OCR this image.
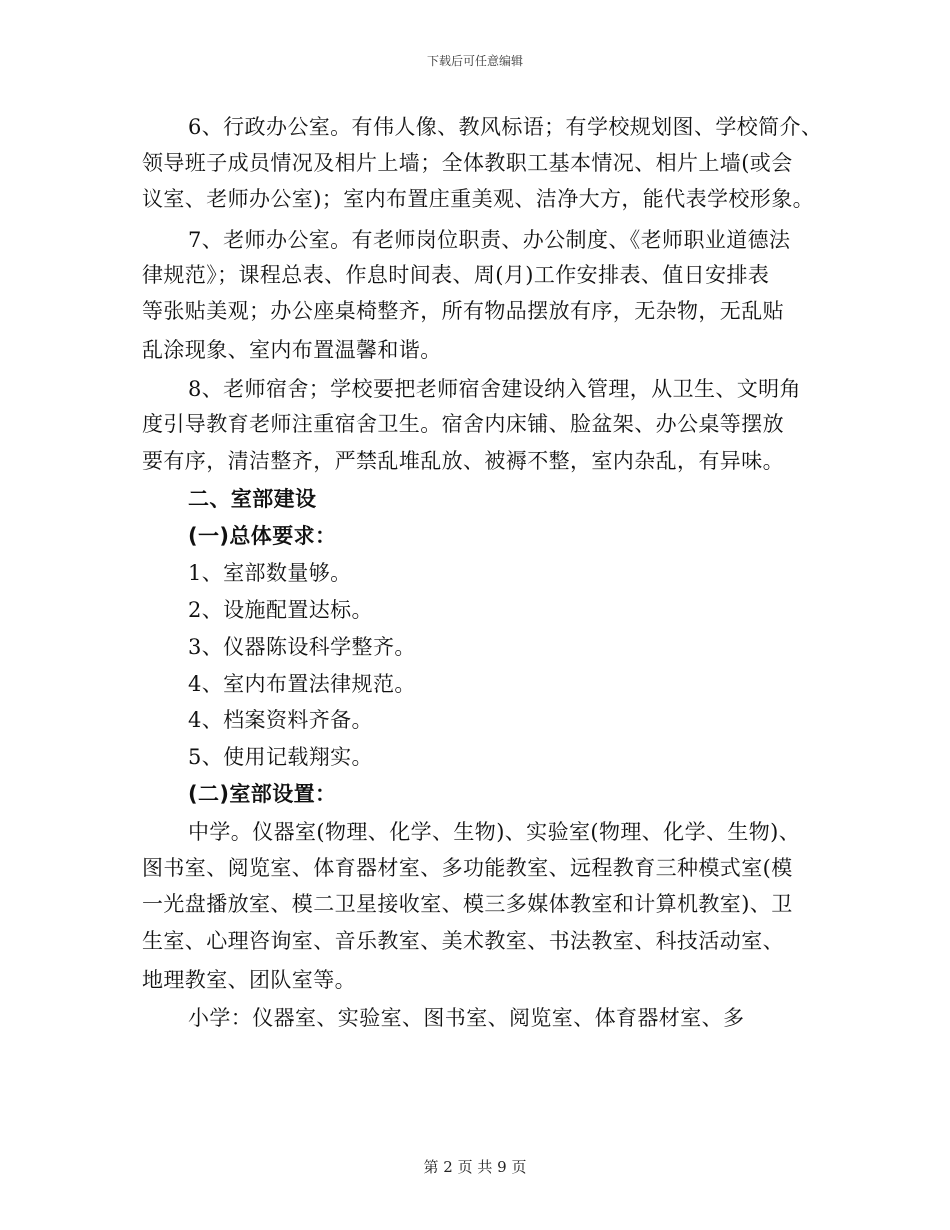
下载后可任意编辑
6、行政办公室。有伟人像、教风标语；有学校规划图、学校简介、
领导班子成员情况及相片上墙；全体教职工基本情况、相片上墙(或会
议室、老师办公室)；室内布置庄重美观、洁净大方，能代表学校形象。
7、老师办公室。有老师岗位职责、办公制度、《老师职业道德法
律规范》；课程总表、作息时间表、周(月)工作安排表、值日安排表
等张贴美观；办公座桌椅整齐，所有物品摆放有序，无杂物，无乱贴
乱涂现象、室内布置温馨和谐。
8、老师宿舍；学校要把老师宿舍建设纳入管理，从卫生、文明角
度引导教育老师注重宿舍卫生。宿舍内床铺、脸盆架、办公桌等摆放
要有序，清洁整齐，严禁乱堆乱放、被褥不整，室内杂乱，有异味。
二、室部建设
(一)总体要求：
1、室部数量够。
2、设施配置达标。
3、仪器陈设科学整齐。
4、室内布置法律规范。
4、档案资料齐备。
5、使用记载翔实。
(二)室部设置：
中学。仪器室(物理、化学、生物)、实验室(物理、化学、生物)、
图书室、阅览室、体育器材室、多功能教室、远程教育三种模式室(模
一光盘播放室、模二卫星接收室、模三多媒体教室和计算机教室)、卫
生室、心理咨询室、音乐教室、美术教室、书法教室、科技活动室、
地理教室、团队室等。
小学：仪器室、实验室、图书室、阅览室、体育器材室、多
第 2 页 共 9 页
